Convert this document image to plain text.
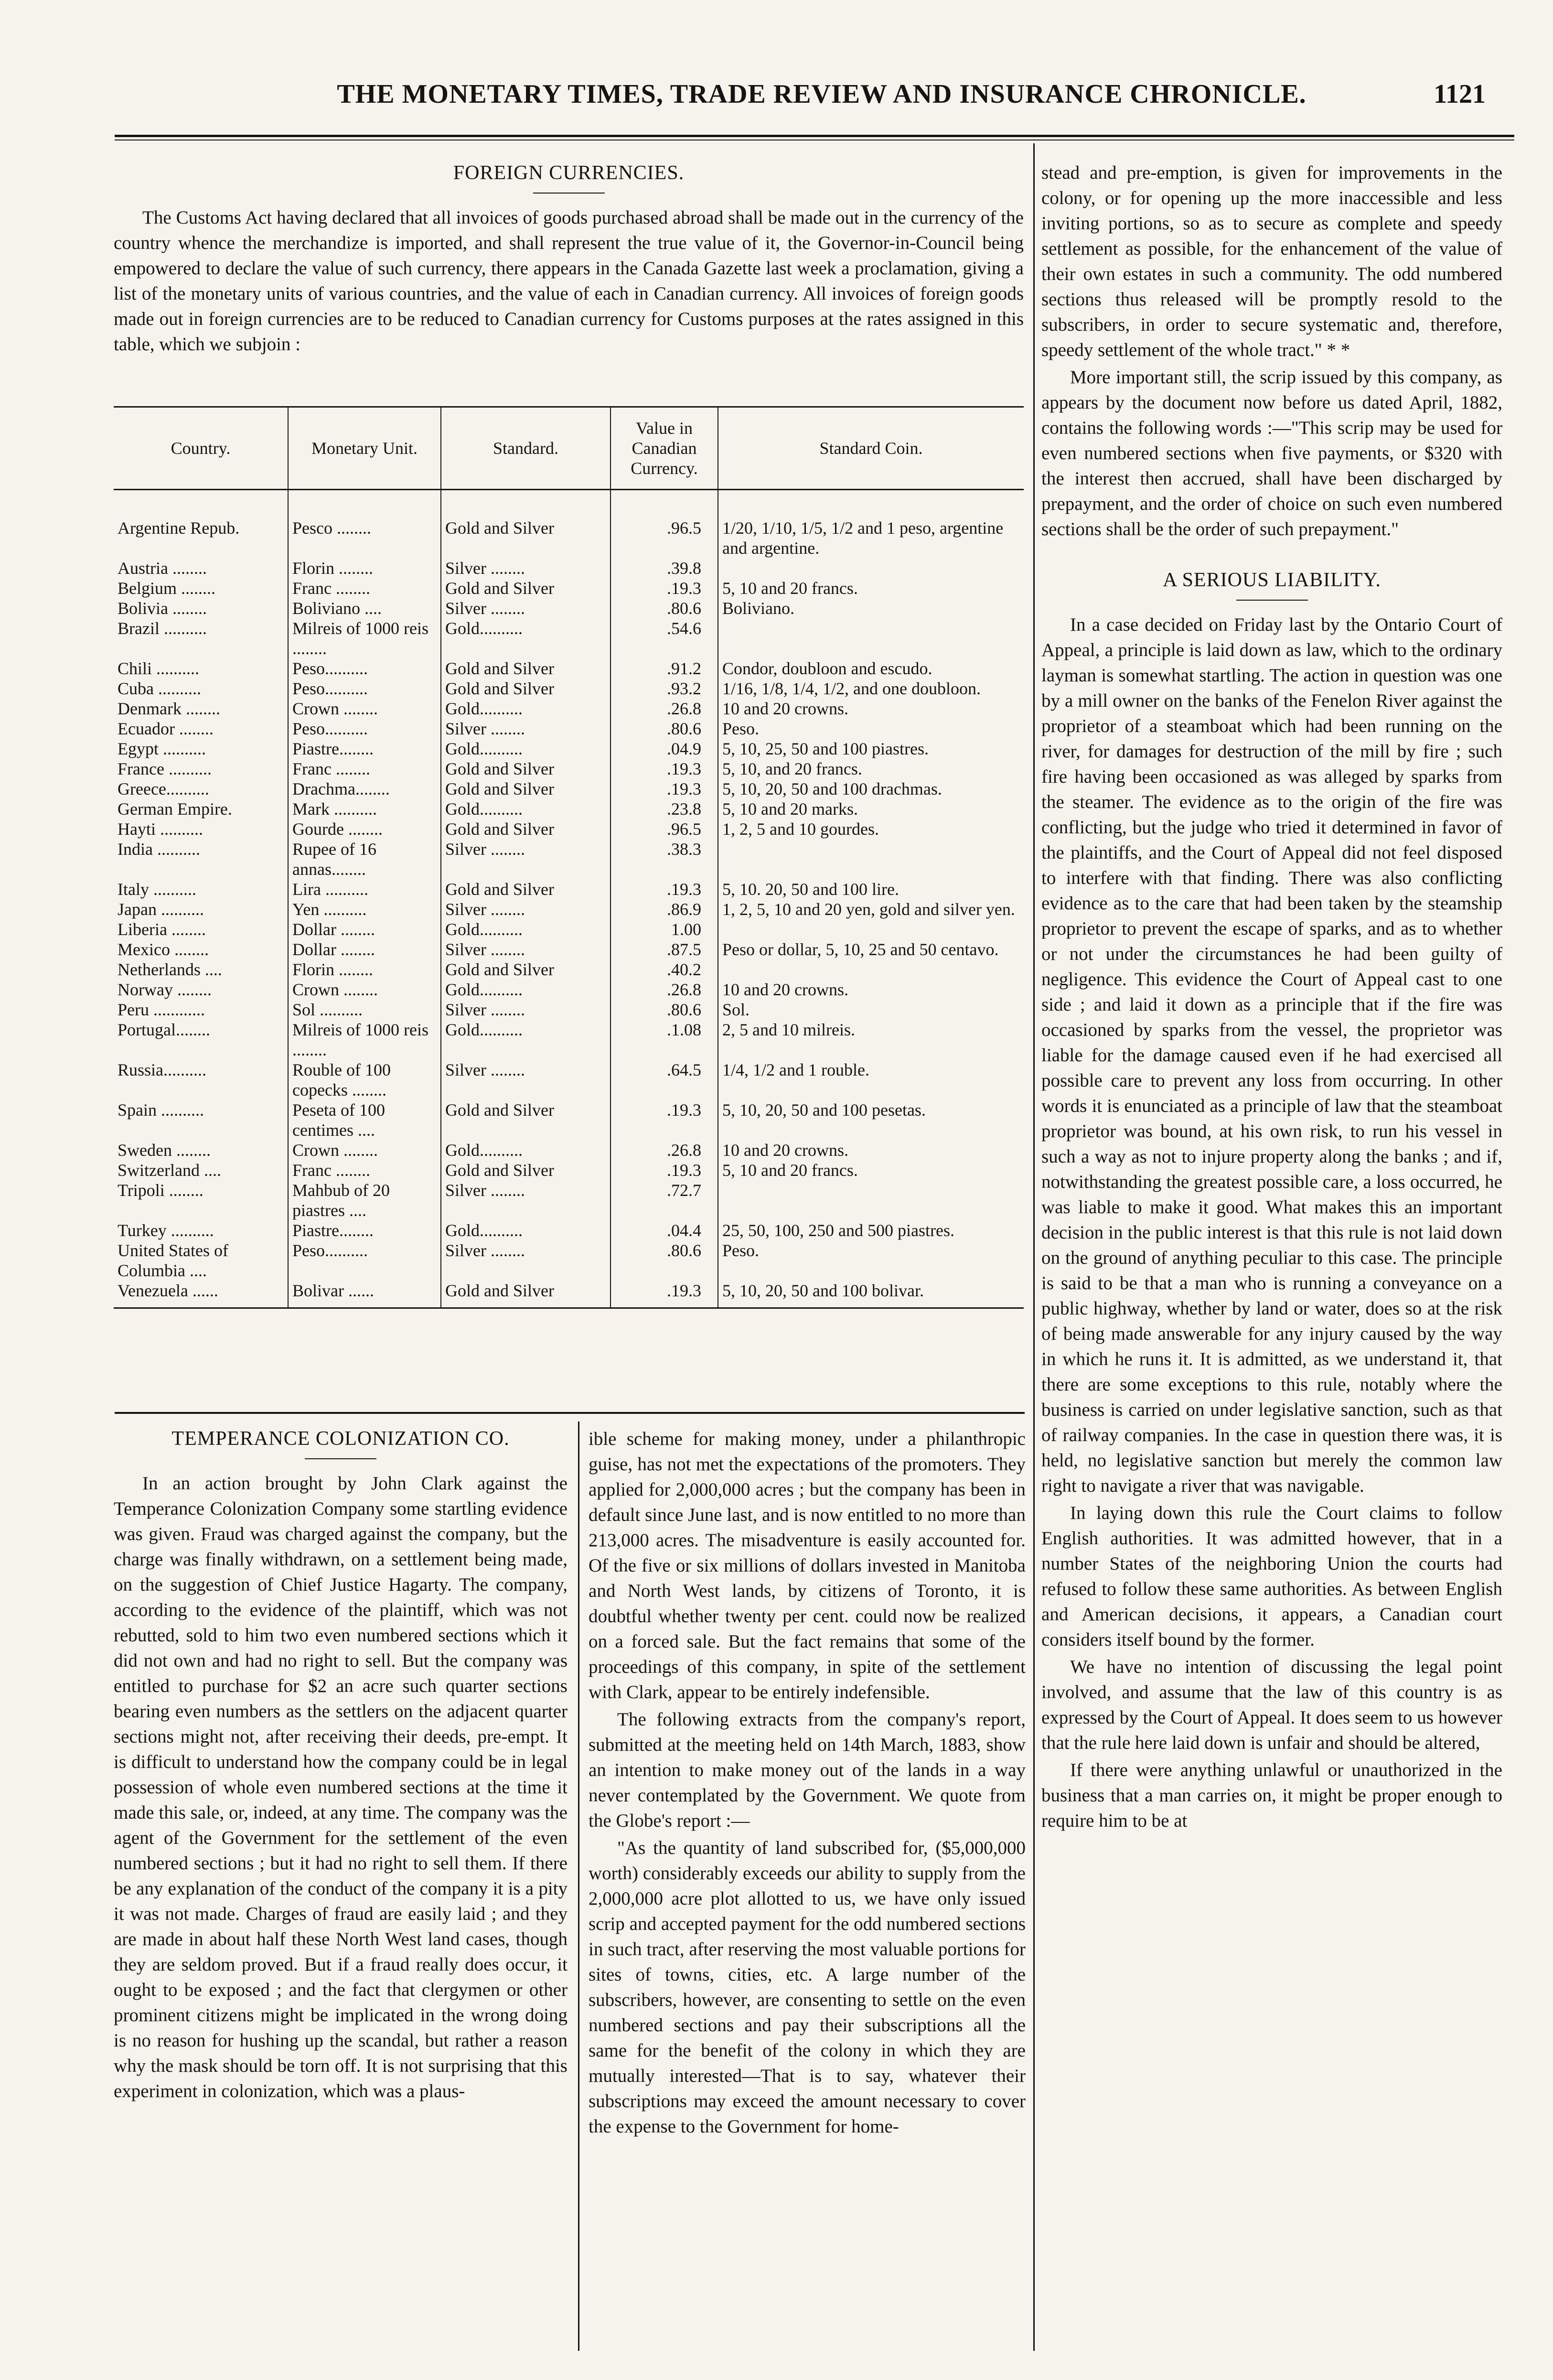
THE MONETARY TIMES, TRADE REVIEW AND INSURANCE CHRONICLE.	1121
FOREIGN CURRENCIES.

The Customs Act having declared that all invoices of goods purchased abroad shall be made out in the currency of the country whence the merchandize is imported, and shall represent the true value of it, the Governor-in-Council being empowered to declare the value of such currency, there appears in the Canada Gazette last week a proclamation, giving a list of the monetary units of various countries, and the value of each in Canadian currency. All invoices of foreign goods made out in foreign currencies are to be reduced to Canadian currency for Customs purposes at the rates assigned in this table, which we subjoin :

Country.	Monetary Unit.	Standard.	Value in Canadian Currency.	Standard Coin.
Argentine Repub.	Pesco ........	Gold and Silver	.96.5	1/20, 1/10, 1/5, 1/2 and 1 peso, argentine and argentine.
Austria ........	Florin ........	Silver ........	.39.8	
Belgium ........	Franc ........	Gold and Silver	.19.3	5, 10 and 20 francs.
Bolivia ........	Boliviano ....	Silver ........	.80.6	Boliviano.
Brazil ..........	Milreis of 1000 reis ........	Gold..........	.54.6	
Chili ..........	Peso..........	Gold and Silver	.91.2	Condor, doubloon and escudo.
Cuba ..........	Peso..........	Gold and Silver	.93.2	1/16, 1/8, 1/4, 1/2, and one doubloon.
Denmark ........	Crown ........	Gold..........	.26.8	10 and 20 crowns.
Ecuador ........	Peso..........	Silver ........	.80.6	Peso.
Egypt ..........	Piastre........	Gold..........	.04.9	5, 10, 25, 50 and 100 piastres.
France ..........	Franc ........	Gold and Silver	.19.3	5, 10, and 20 francs.
Greece..........	Drachma........	Gold and Silver	.19.3	5, 10, 20, 50 and 100 drachmas.
German Empire.	Mark ..........	Gold..........	.23.8	5, 10 and 20 marks.
Hayti ..........	Gourde ........	Gold and Silver	.96.5	1, 2, 5 and 10 gourdes.
India ..........	Rupee of 16 annas........	Silver ........	.38.3	
Italy ..........	Lira ..........	Gold and Silver	.19.3	5, 10. 20, 50 and 100 lire.
Japan ..........	Yen ..........	Silver ........	.86.9	1, 2, 5, 10 and 20 yen, gold and silver yen.
Liberia ........	Dollar ........	Gold..........	1.00	
Mexico ........	Dollar ........	Silver ........	.87.5	Peso or dollar, 5, 10, 25 and 50 centavo.
Netherlands ....	Florin ........	Gold and Silver	.40.2	
Norway ........	Crown ........	Gold..........	.26.8	10 and 20 crowns.
Peru ............	Sol ..........	Silver ........	.80.6	Sol.
Portugal........	Milreis of 1000 reis ........	Gold..........	.1.08	2, 5 and 10 milreis.
Russia..........	Rouble of 100 copecks ........	Silver ........	.64.5	1/4, 1/2 and 1 rouble.
Spain ..........	Peseta of 100 centimes ....	Gold and Silver	.19.3	5, 10, 20, 50 and 100 pesetas.
Sweden ........	Crown ........	Gold..........	.26.8	10 and 20 crowns.
Switzerland ....	Franc ........	Gold and Silver	.19.3	5, 10 and 20 francs.
Tripoli ........	Mahbub of 20 piastres ....	Silver ........	.72.7	
Turkey ..........	Piastre........	Gold..........	.04.4	25, 50, 100, 250 and 500 piastres.
United States of Columbia ....	Peso..........	Silver ........	.80.6	Peso.
Venezuela ......	Bolivar ......	Gold and Silver	.19.3	5, 10, 20, 50 and 100 bolivar.
TEMPERANCE COLONIZATION CO.

In an action brought by John Clark against the Temperance Colonization Company some startling evidence was given. Fraud was charged against the company, but the charge was finally withdrawn, on a settlement being made, on the suggestion of Chief Justice Hagarty. The company, according to the evidence of the plaintiff, which was not rebutted, sold to him two even numbered sections which it did not own and had no right to sell. But the company was entitled to purchase for $2 an acre such quarter sections bearing even numbers as the settlers on the adjacent quarter sections might not, after receiving their deeds, pre-empt. It is difficult to understand how the company could be in legal possession of whole even numbered sections at the time it made this sale, or, indeed, at any time. The company was the agent of the Government for the settlement of the even numbered sections ; but it had no right to sell them. If there be any explanation of the conduct of the company it is a pity it was not made. Charges of fraud are easily laid ; and they are made in about half these North West land cases, though they are seldom proved. But if a fraud really does occur, it ought to be exposed ; and the fact that clergymen or other prominent citizens might be implicated in the wrong doing is no reason for hushing up the scandal, but rather a reason why the mask should be torn off. It is not surprising that this experiment in colonization, which was a plaus-

ible scheme for making money, under a philanthropic guise, has not met the expectations of the promoters. They applied for 2,000,000 acres ; but the company has been in default since June last, and is now entitled to no more than 213,000 acres. The misadventure is easily accounted for. Of the five or six millions of dollars invested in Manitoba and North West lands, by citizens of Toronto, it is doubtful whether twenty per cent. could now be realized on a forced sale. But the fact remains that some of the proceedings of this company, in spite of the settlement with Clark, appear to be entirely indefensible.

The following extracts from the company's report, submitted at the meeting held on 14th March, 1883, show an intention to make money out of the lands in a way never contemplated by the Government. We quote from the Globe's report :—

"As the quantity of land subscribed for, ($5,000,000 worth) considerably exceeds our ability to supply from the 2,000,000 acre plot allotted to us, we have only issued scrip and accepted payment for the odd numbered sections in such tract, after reserving the most valuable portions for sites of towns, cities, etc. A large number of the subscribers, however, are consenting to settle on the even numbered sections and pay their subscriptions all the same for the benefit of the colony in which they are mutually interested—That is to say, whatever their subscriptions may exceed the amount necessary to cover the expense to the Government for home-

stead and pre-emption, is given for improvements in the colony, or for opening up the more inaccessible and less inviting portions, so as to secure as complete and speedy settlement as possible, for the enhancement of the value of their own estates in such a community. The odd numbered sections thus released will be promptly resold to the subscribers, in order to secure systematic and, therefore, speedy settlement of the whole tract." * *

More important still, the scrip issued by this company, as appears by the document now before us dated April, 1882, contains the following words :—"This scrip may be used for even numbered sections when five payments, or $320 with the interest then accrued, shall have been discharged by prepayment, and the order of choice on such even numbered sections shall be the order of such prepayment."

A SERIOUS LIABILITY.

In a case decided on Friday last by the Ontario Court of Appeal, a principle is laid down as law, which to the ordinary layman is somewhat startling. The action in question was one by a mill owner on the banks of the Fenelon River against the proprietor of a steamboat which had been running on the river, for damages for destruction of the mill by fire ; such fire having been occasioned as was alleged by sparks from the steamer. The evidence as to the origin of the fire was conflicting, but the judge who tried it determined in favor of the plaintiffs, and the Court of Appeal did not feel disposed to interfere with that finding. There was also conflicting evidence as to the care that had been taken by the steamship proprietor to prevent the escape of sparks, and as to whether or not under the circumstances he had been guilty of negligence. This evidence the Court of Appeal cast to one side ; and laid it down as a principle that if the fire was occasioned by sparks from the vessel, the proprietor was liable for the damage caused even if he had exercised all possible care to prevent any loss from occurring. In other words it is enunciated as a principle of law that the steamboat proprietor was bound, at his own risk, to run his vessel in such a way as not to injure property along the banks ; and if, notwithstanding the greatest possible care, a loss occurred, he was liable to make it good. What makes this an important decision in the public interest is that this rule is not laid down on the ground of anything peculiar to this case. The principle is said to be that a man who is running a conveyance on a public highway, whether by land or water, does so at the risk of being made answerable for any injury caused by the way in which he runs it. It is admitted, as we understand it, that there are some exceptions to this rule, notably where the business is carried on under legislative sanction, such as that of railway companies. In the case in question there was, it is held, no legislative sanction but merely the common law right to navigate a river that was navigable.

In laying down this rule the Court claims to follow English authorities. It was admitted however, that in a number States of the neighboring Union the courts had refused to follow these same authorities. As between English and American decisions, it appears, a Canadian court considers itself bound by the former.

We have no intention of discussing the legal point involved, and assume that the law of this country is as expressed by the Court of Appeal. It does seem to us however that the rule here laid down is unfair and should be altered,

If there were anything unlawful or unauthorized in the business that a man carries on, it might be proper enough to require him to be at
